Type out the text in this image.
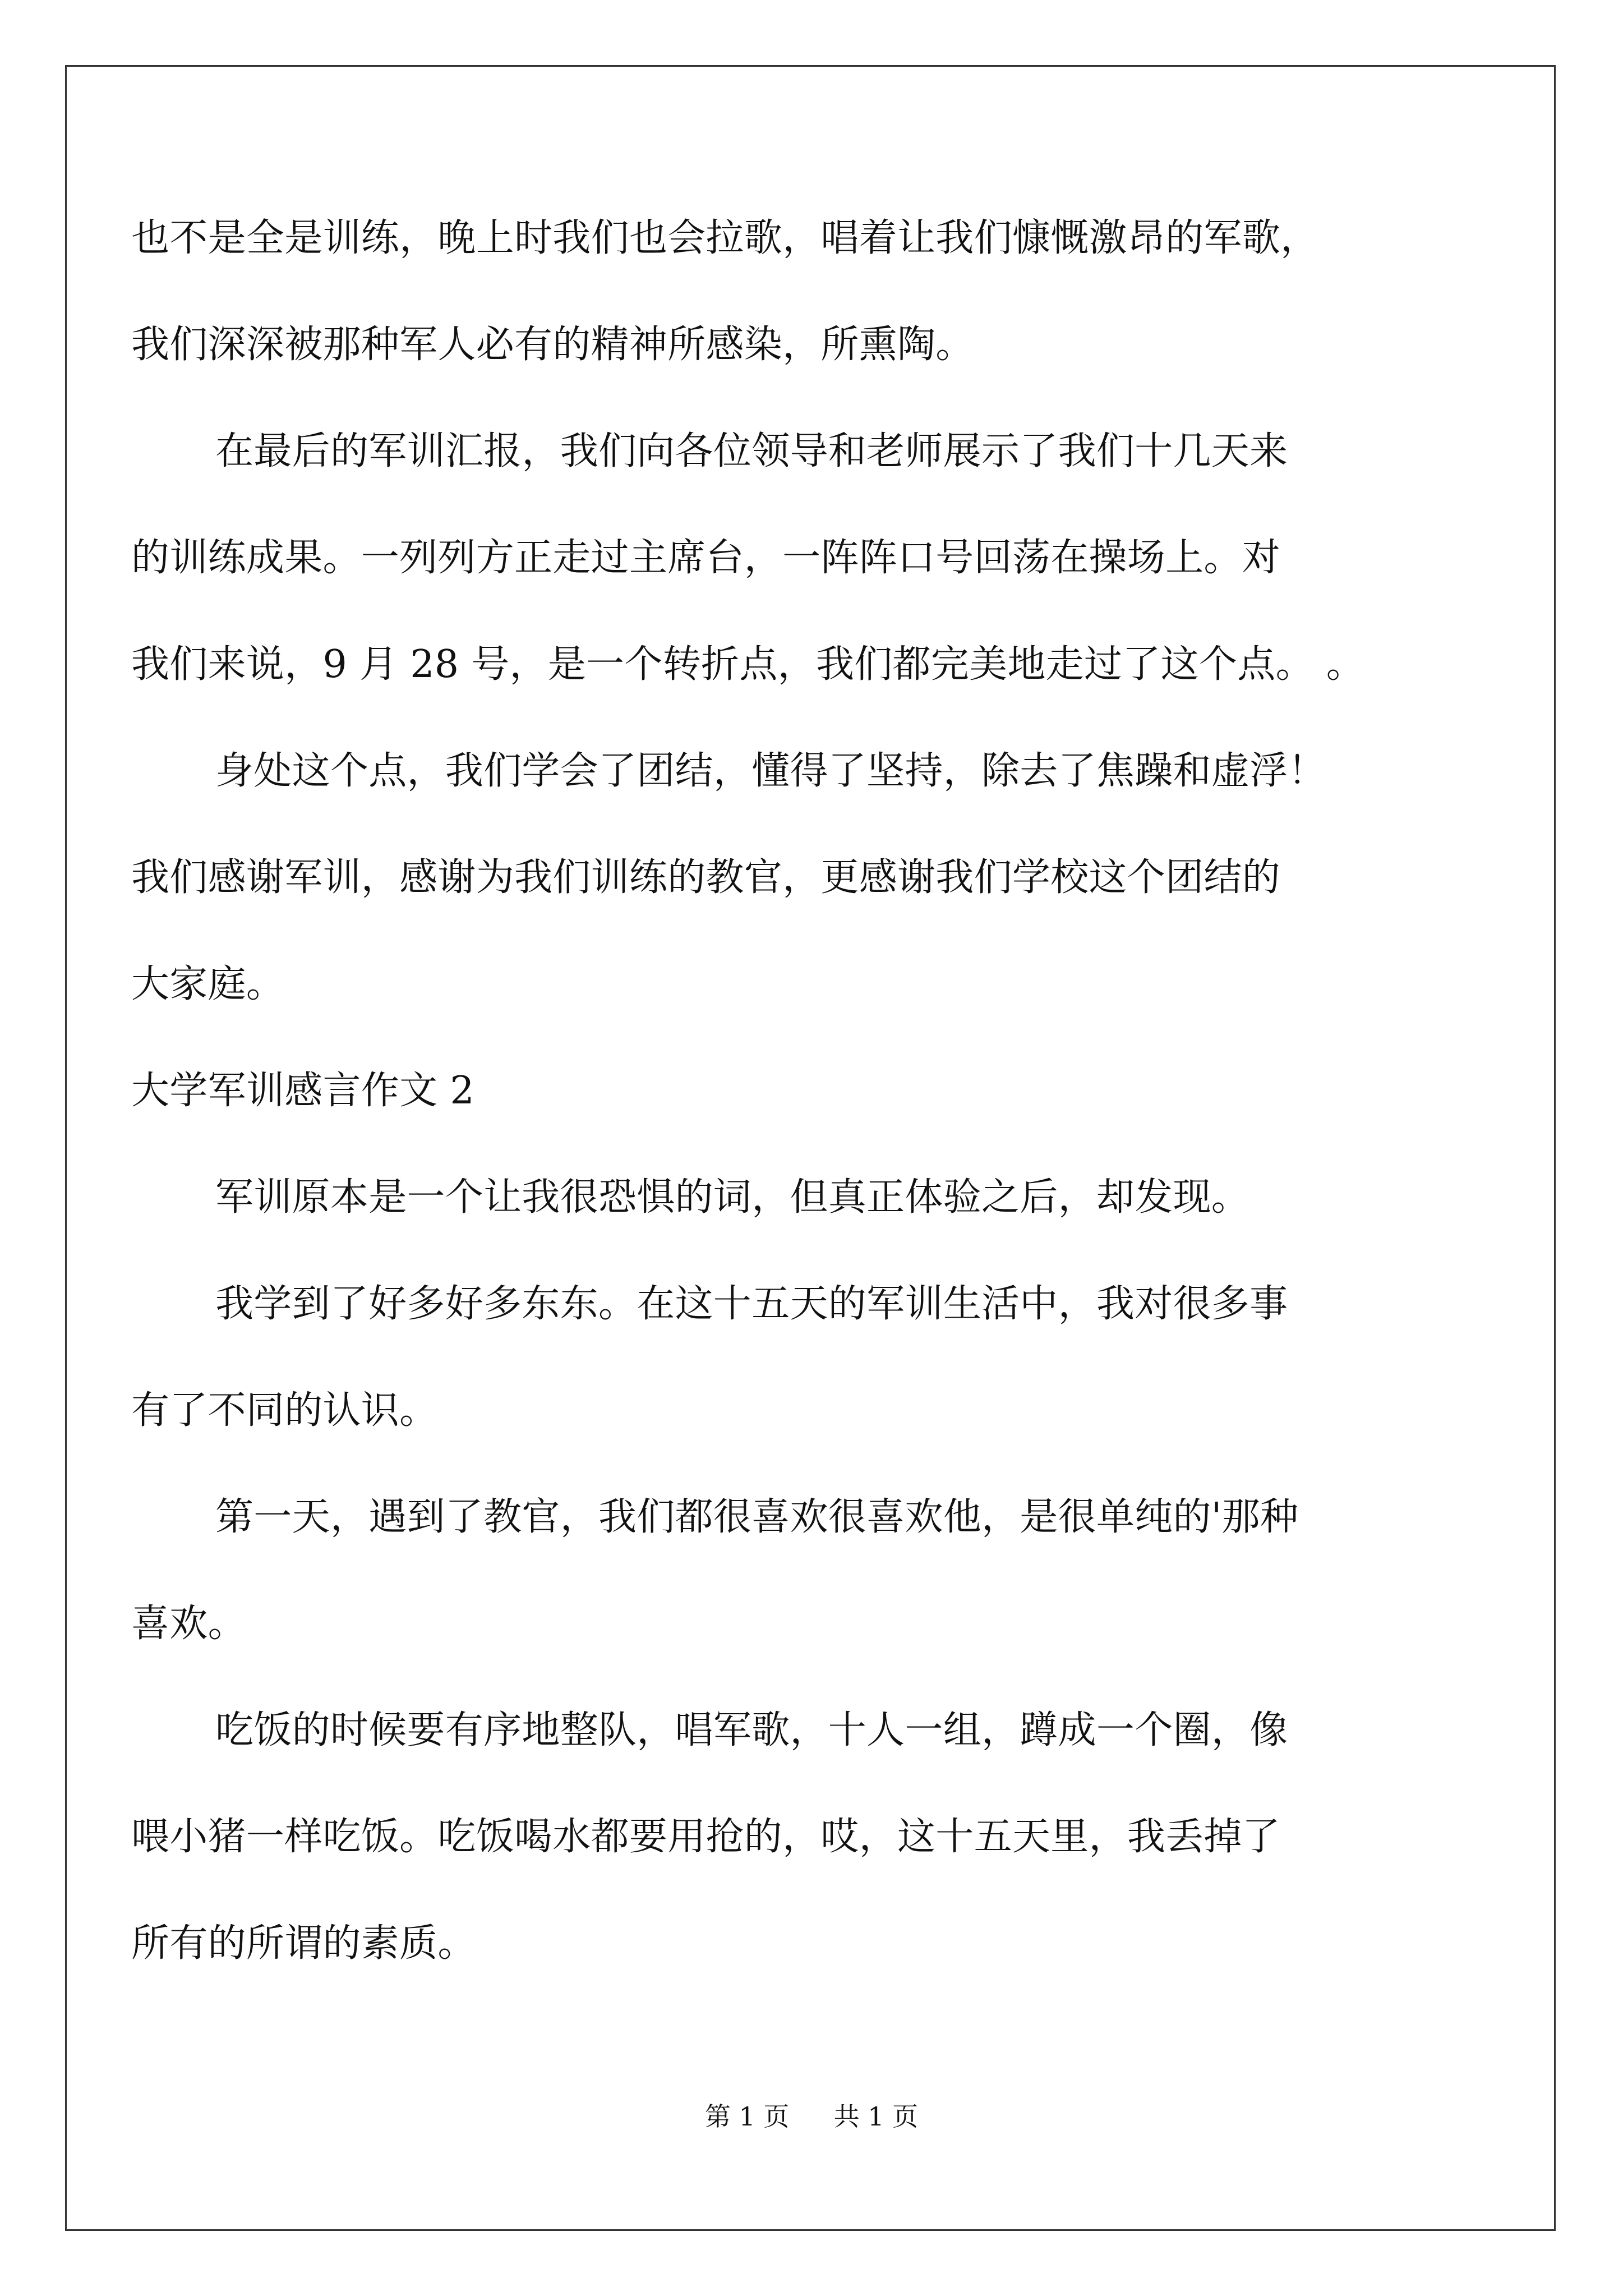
也不是全是训练，晚上时我们也会拉歌，唱着让我们慷慨激昂的军歌，
我们深深被那种军人必有的精神所感染，所熏陶。
在最后的军训汇报，我们向各位领导和老师展示了我们十几天来
的训练成果。一列列方正走过主席台，一阵阵口号回荡在操场上。对
我们来说，9 月 28 号，是一个转折点，我们都完美地走过了这个点。 。
身处这个点，我们学会了团结，懂得了坚持，除去了焦躁和虚浮！
我们感谢军训，感谢为我们训练的教官，更感谢我们学校这个团结的
大家庭。
大学军训感言作文 2
军训原本是一个让我很恐惧的词，但真正体验之后，却发现。
我学到了好多好多东东。在这十五天的军训生活中，我对很多事
有了不同的认识。
第一天，遇到了教官，我们都很喜欢很喜欢他，是很单纯的'那种
喜欢。
吃饭的时候要有序地整队，唱军歌，十人一组，蹲成一个圈，像
喂小猪一样吃饭。吃饭喝水都要用抢的，哎，这十五天里，我丢掉了
所有的所谓的素质。
第 1 页 共 1 页
